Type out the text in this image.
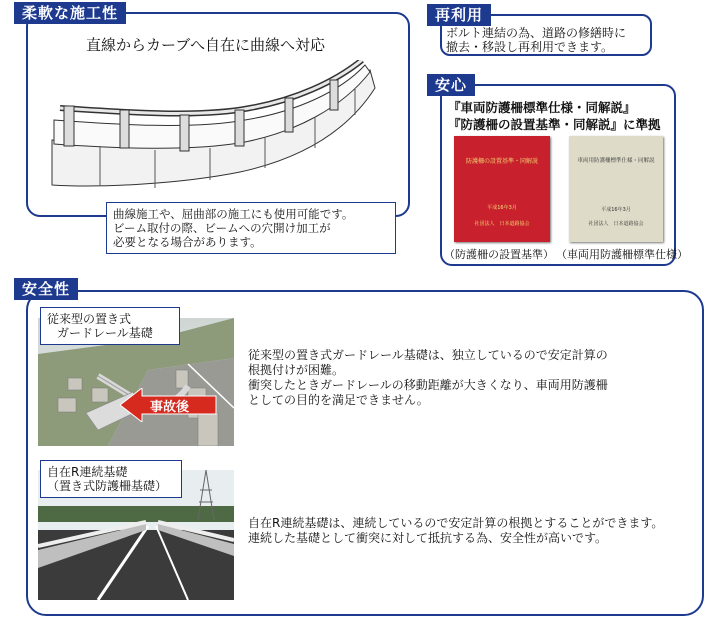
柔軟な施工性
直線からカーブへ自在に曲線へ対応
曲線施工や、屈曲部の施工にも使用可能です。
ビーム取付の際、ビームへの穴開け加工が
必要となる場合があります。
再利用
ボルト連結の為、道路の修繕時に
撤去・移設し再利用できます。
安心
『車両防護柵標準仕様・同解説』
『防護柵の設置基準・同解説』に準拠
防護柵の設置基準・同解説
平成16年3月
社団法人　日本道路協会
車両用防護柵標準仕様・同解説
平成16年3月
社団法人　日本道路協会
（防護柵の設置基準） （車両用防護柵標準仕様）
安全性
従来型の置き式
ガードレール基礎
事故後
従来型の置き式ガードレール基礎は、独立しているので安定計算の
根拠付けが困難。
衝突したときガードレールの移動距離が大きくなり、車両用防護柵
としての目的を満足できません。
自在R連続基礎
（置き式防護柵基礎）
自在R連続基礎は、連続しているので安定計算の根拠とすることができます。
連続した基礎として衝突に対して抵抗する為、安全性が高いです。
